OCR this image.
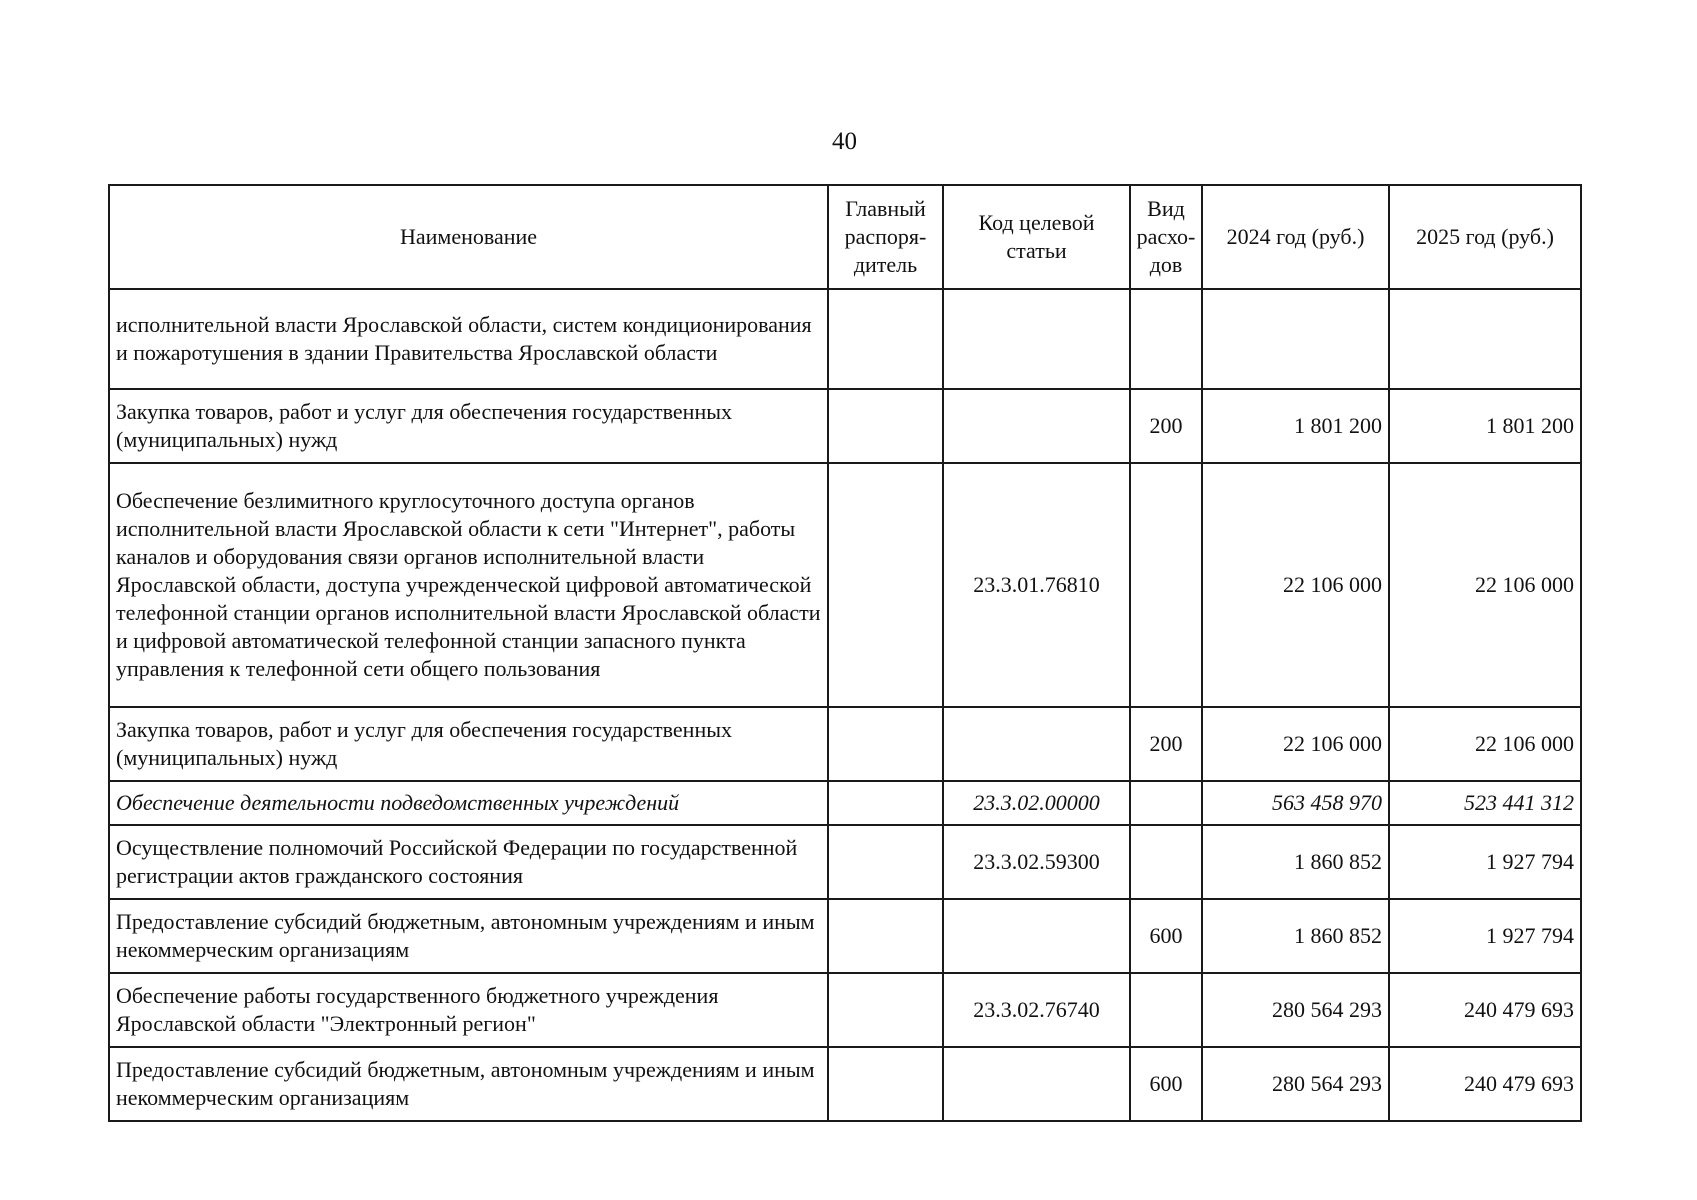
40
Наименование	Главный распоря-дитель	Код целевой статьи	Вид расхо-дов	2024 год (руб.)	2025 год (руб.)
исполнительной власти Ярославской области, систем кондиционирования и пожаротушения в здании Правительства Ярославской области					
Закупка товаров, работ и услуг для обеспечения государственных (муниципальных) нужд			200	1 801 200	1 801 200
Обеспечение безлимитного круглосуточного доступа органов исполнительной власти Ярославской области к сети "Интернет", работы каналов и оборудования связи органов исполнительной власти Ярославской области, доступа учрежденческой цифровой автоматической телефонной станции органов исполнительной власти Ярославской области и цифровой автоматической телефонной станции запасного пункта управления к телефонной сети общего пользования		23.3.01.76810		22 106 000	22 106 000
Закупка товаров, работ и услуг для обеспечения государственных (муниципальных) нужд			200	22 106 000	22 106 000
Обеспечение деятельности подведомственных учреждений		23.3.02.00000		563 458 970	523 441 312
Осуществление полномочий Российской Федерации по государственной регистрации актов гражданского состояния		23.3.02.59300		1 860 852	1 927 794
Предоставление субсидий бюджетным, автономным учреждениям и иным некоммерческим организациям			600	1 860 852	1 927 794
Обеспечение работы государственного бюджетного учреждения Ярославской области "Электронный регион"		23.3.02.76740		280 564 293	240 479 693
Предоставление субсидий бюджетным, автономным учреждениям и иным некоммерческим организациям			600	280 564 293	240 479 693
